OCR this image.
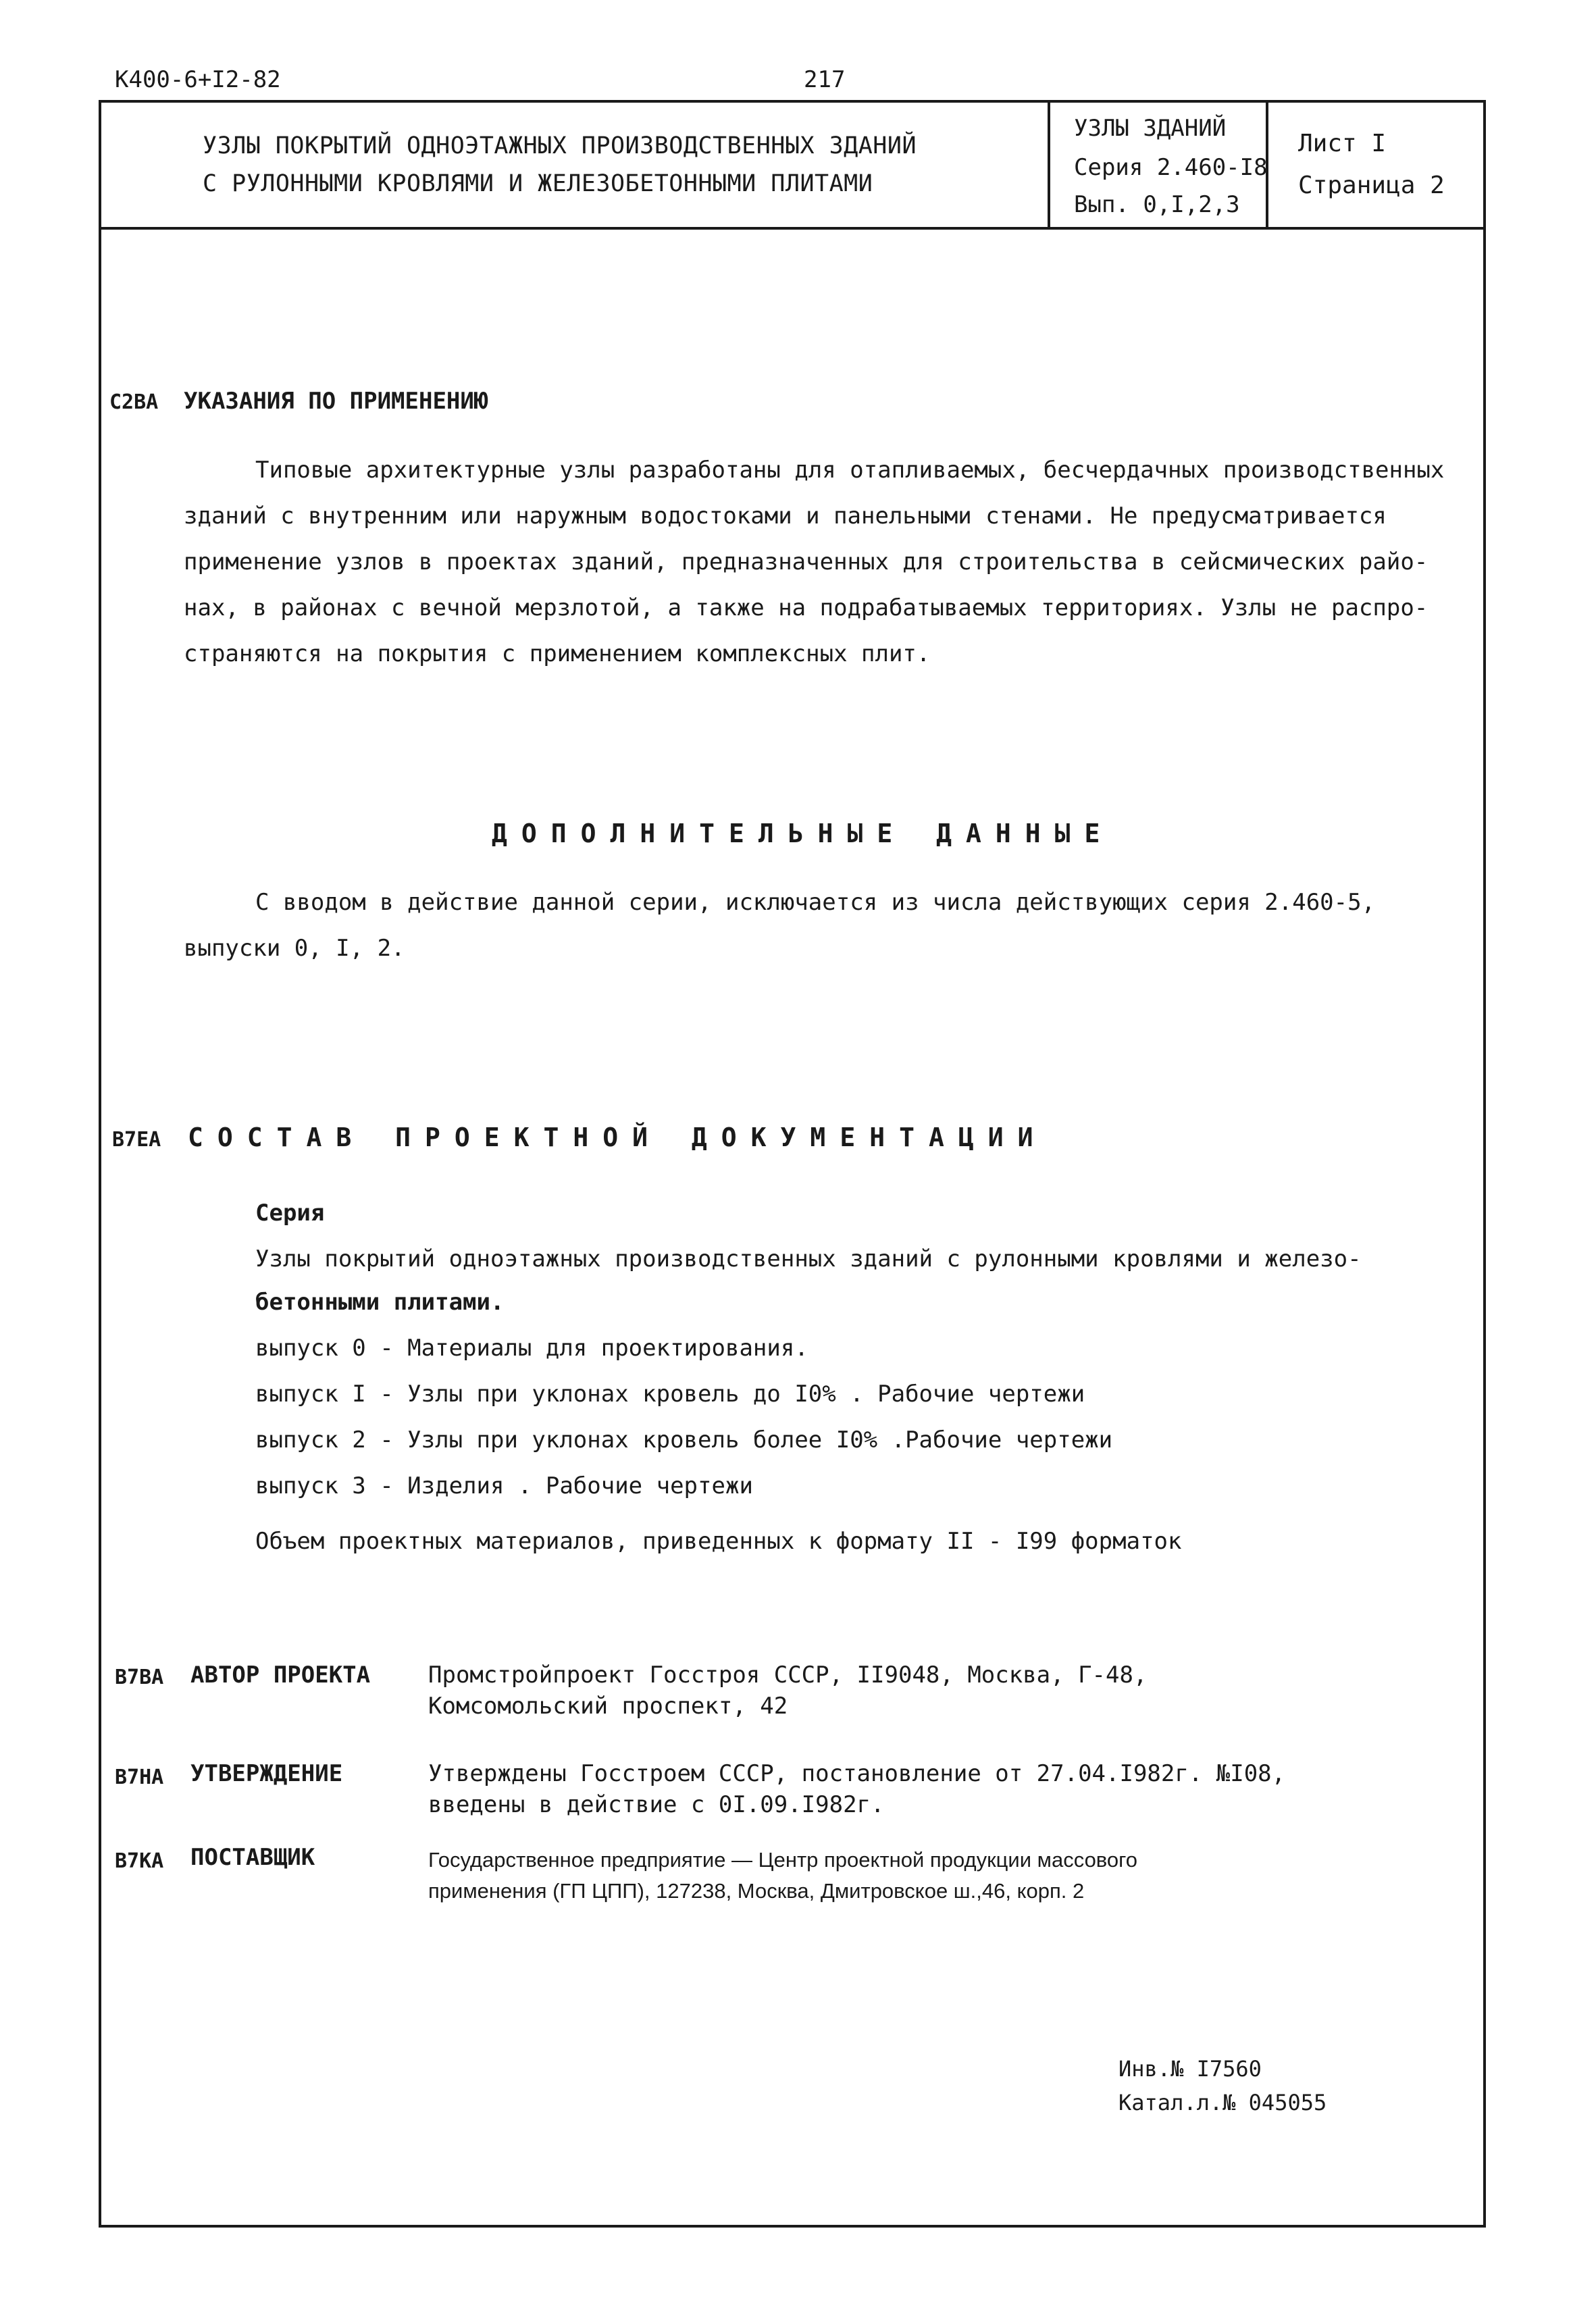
К400-6+I2-82	217
УЗЛЫ ПОКРЫТИЙ ОДНОЭТАЖНЫХ ПРОИЗВОДСТВЕННЫХ ЗДАНИЙ
С РУЛОННЫМИ КРОВЛЯМИ И ЖЕЛЕЗОБЕТОННЫМИ ПЛИТАМИ
УЗЛЫ ЗДАНИЙ
Серия 2.460-I8
Вып. 0,I,2,3
Лист I
Страница 2
С2ВА УКАЗАНИЯ ПО ПРИМЕНЕНИЮ
Типовые архитектурные узлы разработаны для отапливаемых, бесчердачных производственных
зданий с внутренним или наружным водостоками и панельными стенами. Не предусматривается
применение узлов в проектах зданий, предназначенных для строительства в сейсмических райо-
нах, в районах с вечной мерзлотой, а также на подрабатываемых территориях. Узлы не распро-
страняются на покрытия с применением комплексных плит.
ДОПОЛНИТЕЛЬНЫЕ ДАННЫЕ
С вводом в действие данной серии, исключается из числа действующих серия 2.460-5,
выпуски 0, I, 2.
В7ЕА СОСТАВ ПРОЕКТНОЙ ДОКУМЕНТАЦИИ
Серия
Узлы покрытий одноэтажных производственных зданий с рулонными кровлями и железо-
бетонными плитами.
выпуск 0 - Материалы для проектирования.
выпуск I - Узлы при уклонах кровель до I0% . Рабочие чертежи
выпуск 2 - Узлы при уклонах кровель более I0% .Рабочие чертежи
выпуск 3 - Изделия . Рабочие чертежи
Объем проектных материалов, приведенных к формату II - I99 форматок
В7ВА АВТОР ПРОЕКТА	Промстройпроект Госстроя СССР, II9048, Москва, Г-48,
Комсомольский проспект, 42
В7НА УТВЕРЖДЕНИЕ	Утверждены Госстроем СССР, постановление от 27.04.I982г. №I08,
введены в действие с 0I.09.I982г.
В7КА ПОСТАВЩИК	Государственное предприятие — Центр проектной продукции массового
применения (ГП ЦПП), 127238, Москва, Дмитровское ш.,46, корп. 2
Инв.№ I7560
Катал.л.№ 045055
